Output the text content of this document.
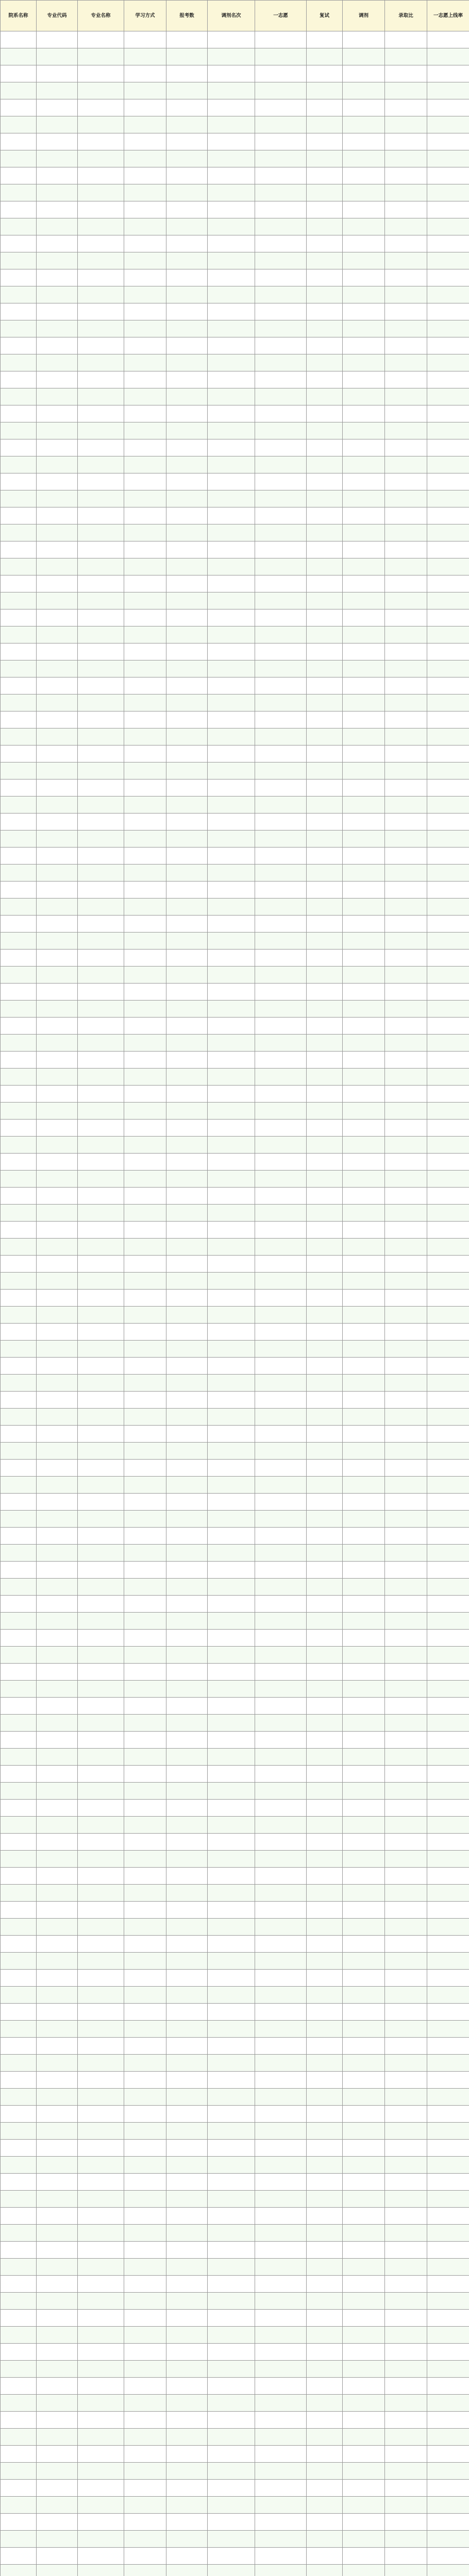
院系名称	专业代码	专业名称	学习方式	报考数	调剂名次	一志愿	复试	调剂	录取比	一志愿上线率
